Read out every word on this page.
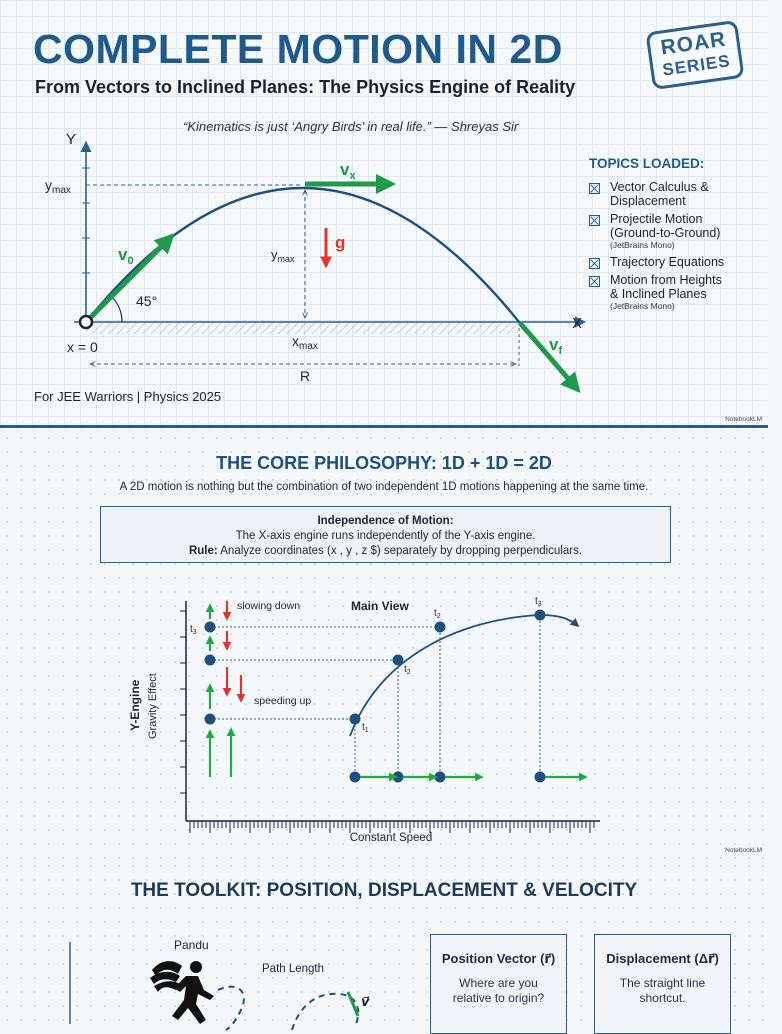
COMPLETE MOTION IN 2D
From Vectors to Inclined Planes: The Physics Engine of Reality
“Kinematics is just ‘Angry Birds’ in real life.” — Shreyas Sir
ROAR
SERIES
Y
X
$y_{max}$
$y_{max}$
$v_x$
$v_0$
$v_f$
g
45°
x = 0	$x_{max}$
R
TOPICS LOADED:
Vector Calculus &
Displacement
Projectile Motion
(Ground-to-Ground)
(JetBrains Mono)
Trajectory Equations
Motion from Heights
& Inclined Planes
(JetBrains Mono)
For JEE Warriors | Physics 2025
NotebookLM
THE CORE PHILOSOPHY: 1D + 1D = 2D
A 2D motion is nothing but the combination of two independent 1D motions happening at the same time.
Independence of Motion:
The X-axis engine runs independently of the Y-axis engine.
Rule: Analyze coordinates (x , y , z $) separately by dropping perpendiculars.
Main View
slowing down
speeding up
Y-Engine Gravity Effect
$t_3$
$t_1$
$t_2$
$t_2$
$t_3$
Constant Speed
NotebookLM
THE TOOLKIT: POSITION, DISPLACEMENT & VELOCITY
Pandu
Path Length
v⃗
Position Vector (r⃗)
Where are you
relative to origin?
Displacement (Δr⃗)
The straight line
shortcut.
